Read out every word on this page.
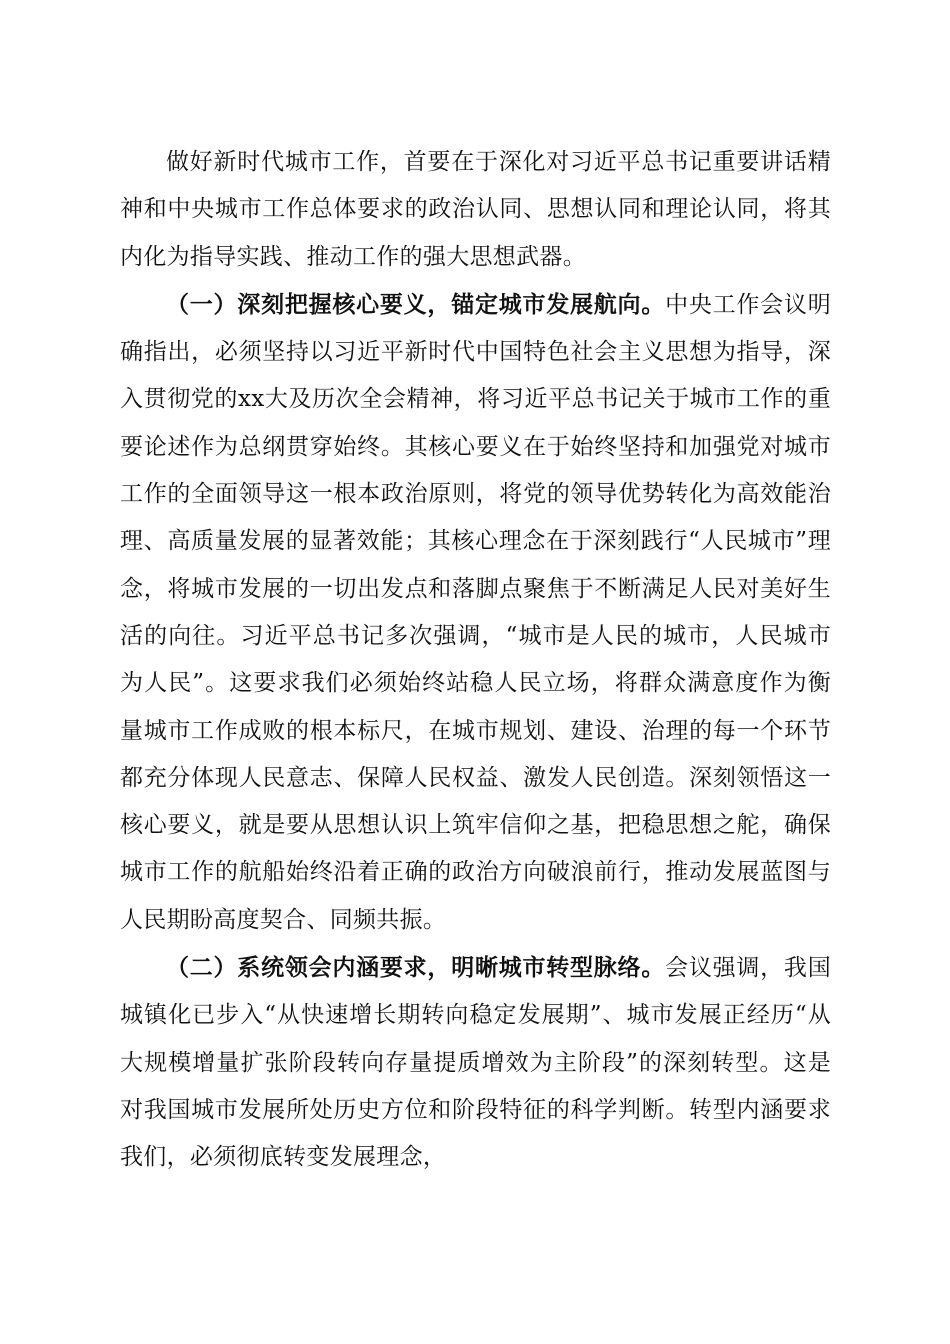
做好新时代城市工作，首要在于深化对习近平总书记重要讲话精神和中央城市工作总体要求的政治认同、思想认同和理论认同，将其内化为指导实践、推动工作的强大思想武器。

（一）深刻把握核心要义，锚定城市发展航向。中央工作会议明确指出，必须坚持以习近平新时代中国特色社会主义思想为指导，深入贯彻党的xx大及历次全会精神，将习近平总书记关于城市工作的重要论述作为总纲贯穿始终。其核心要义在于始终坚持和加强党对城市工作的全面领导这一根本政治原则，将党的领导优势转化为高效能治理、高质量发展的显著效能；其核心理念在于深刻践行“人民城市”理念，将城市发展的一切出发点和落脚点聚焦于不断满足人民对美好生活的向往。习近平总书记多次强调，“城市是人民的城市，人民城市为人民”。这要求我们必须始终站稳人民立场，将群众满意度作为衡量城市工作成败的根本标尺，在城市规划、建设、治理的每一个环节都充分体现人民意志、保障人民权益、激发人民创造。深刻领悟这一核心要义，就是要从思想认识上筑牢信仰之基，把稳思想之舵，确保城市工作的航船始终沿着正确的政治方向破浪前行，推动发展蓝图与人民期盼高度契合、同频共振。

（二）系统领会内涵要求，明晰城市转型脉络。会议强调，我国城镇化已步入“从快速增长期转向稳定发展期”、城市发展正经历“从大规模增量扩张阶段转向存量提质增效为主阶段”的深刻转型。这是对我国城市发展所处历史方位和阶段特征的科学判断。转型内涵要求我们，必须彻底转变发展理念，
